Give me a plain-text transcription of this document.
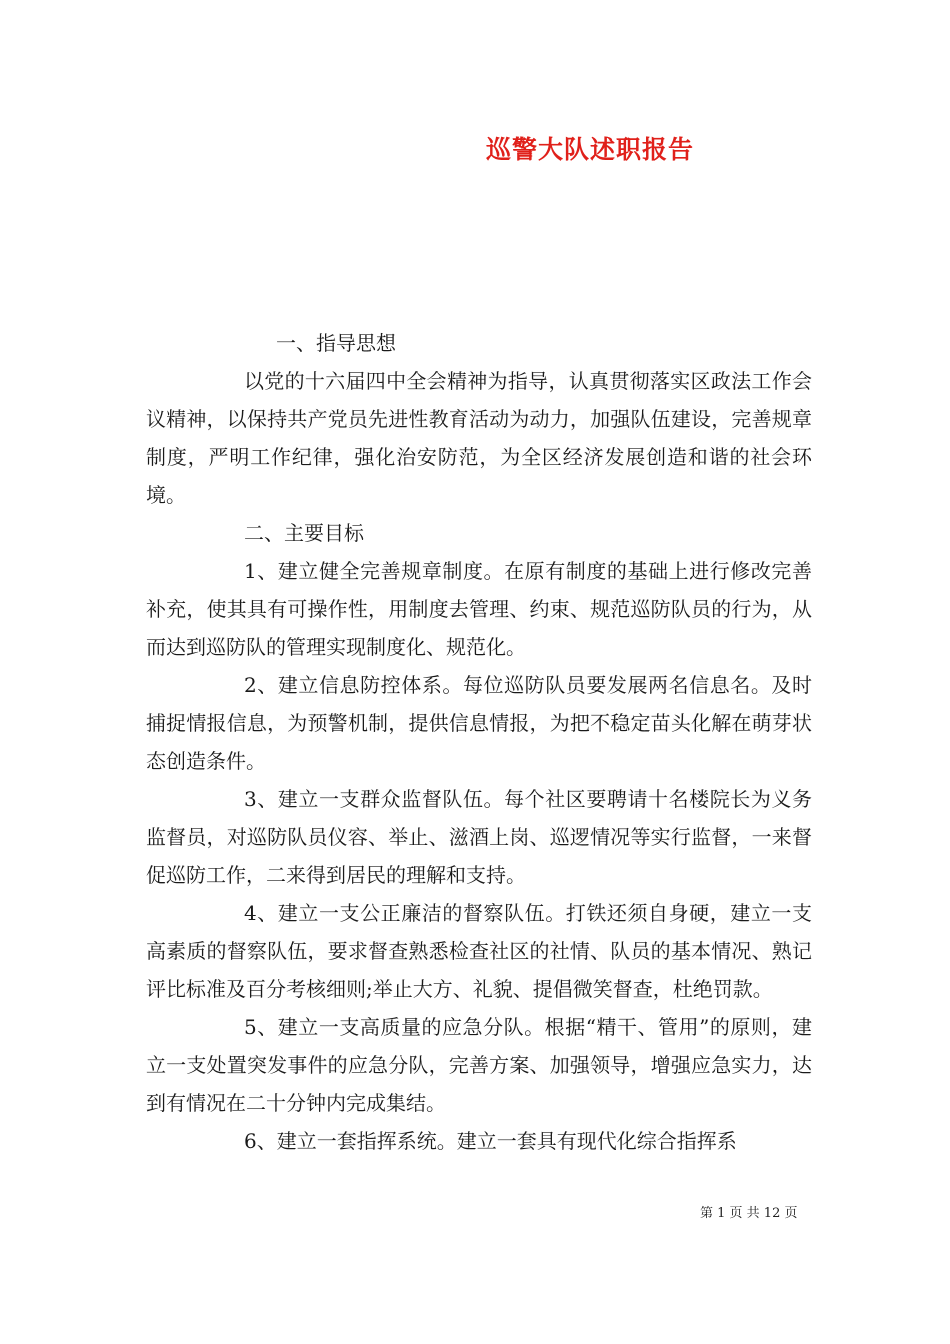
巡警大队述职报告

一、指导思想

以党的十六届四中全会精神为指导，认真贯彻落实区政法工作会议精神，以保持共产党员先进性教育活动为动力，加强队伍建设，完善规章制度，严明工作纪律，强化治安防范，为全区经济发展创造和谐的社会环境。

二、主要目标

1、建立健全完善规章制度。在原有制度的基础上进行修改完善补充，使其具有可操作性，用制度去管理、约束、规范巡防队员的行为，从而达到巡防队的管理实现制度化、规范化。

2、建立信息防控体系。每位巡防队员要发展两名信息名。及时捕捉情报信息，为预警机制，提供信息情报，为把不稳定苗头化解在萌芽状态创造条件。

3、建立一支群众监督队伍。每个社区要聘请十名楼院长为义务监督员，对巡防队员仪容、举止、滋酒上岗、巡逻情况等实行监督，一来督促巡防工作，二来得到居民的理解和支持。

4、建立一支公正廉洁的督察队伍。打铁还须自身硬，建立一支高素质的督察队伍，要求督查熟悉检查社区的社情、队员的基本情况、熟记评比标准及百分考核细则;举止大方、礼貌、提倡微笑督查，杜绝罚款。

5、建立一支高质量的应急分队。根据“精干、管用”的原则，建立一支处置突发事件的应急分队，完善方案、加强领导，增强应急实力，达到有情况在二十分钟内完成集结。

6、建立一套指挥系统。建立一套具有现代化综合指挥系

第 1 页 共 12 页
